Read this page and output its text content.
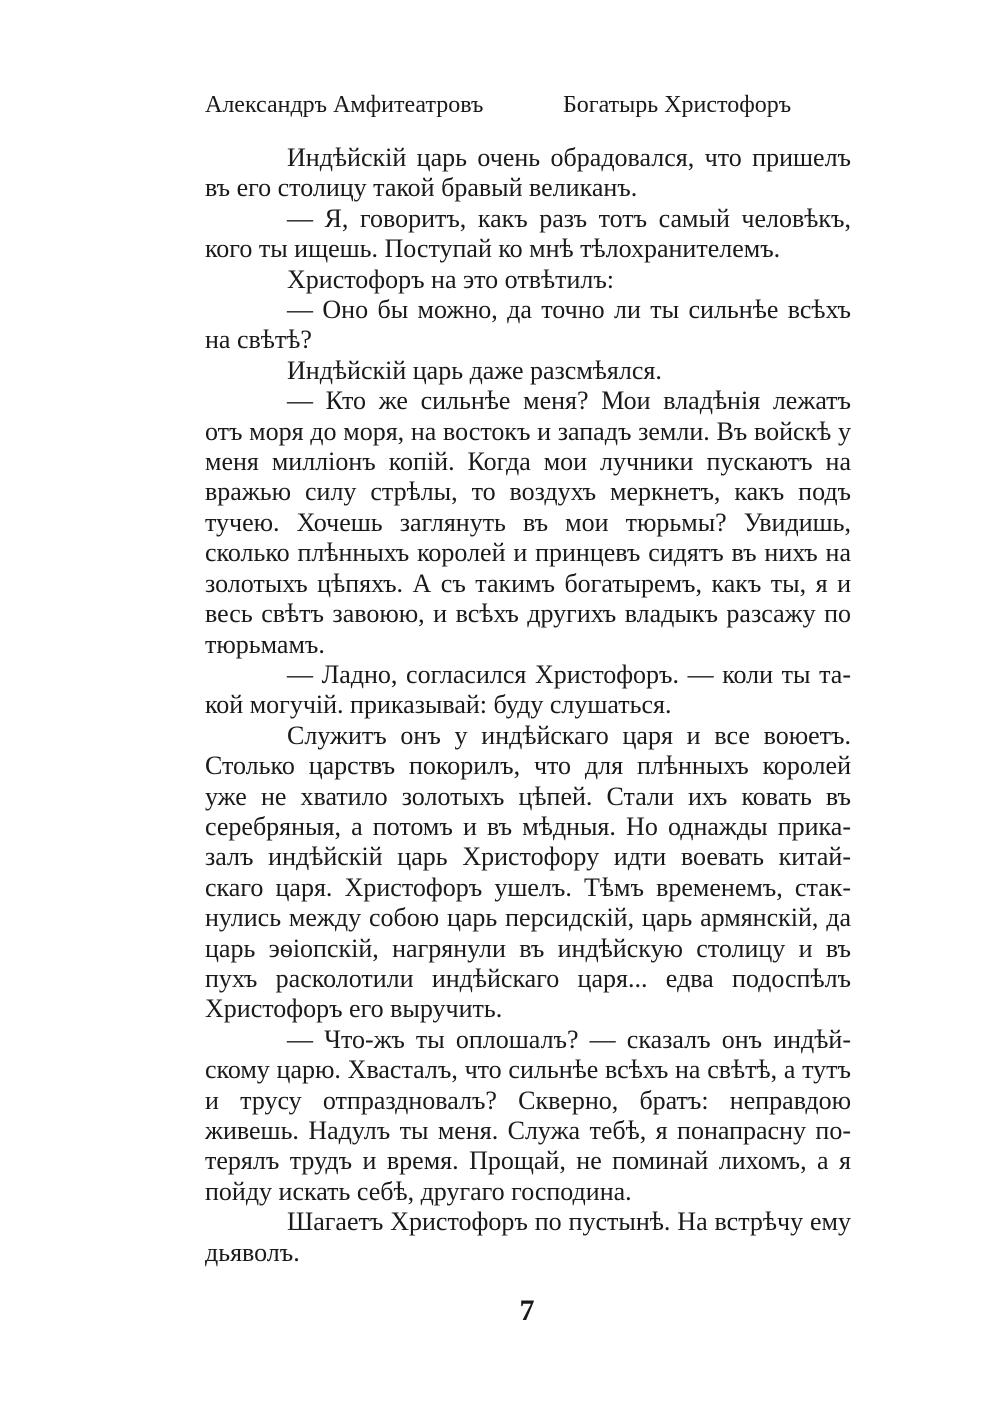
Александръ Амфитеатровъ	Богатырь Христофоръ

Индѣйскій царь очень обрадовался, что пришелъ въ его столицу такой бравый великанъ.

— Я, говоритъ, какъ разъ тотъ самый человѣкъ, кого ты ищешь. Поступай ко мнѣ тѣлохранителемъ.

Христофоръ на это отвѣтилъ:

— Оно бы можно, да точно ли ты сильнѣе всѣхъ на свѣтѣ?

Индѣйскій царь даже разсмѣялся.

— Кто же сильнѣе меня? Мои владѣнія лежатъ отъ моря до моря, на востокъ и западъ земли. Въ войскѣ у меня милліонъ копій. Когда мои лучники пускаютъ на вражью силу стрѣлы, то воздухъ меркнетъ, какъ подъ тучею. Хочешь заглянуть въ мои тюрьмы? Увидишь, сколько плѣнныхъ королей и принцевъ сидятъ въ нихъ на золотыхъ цѣпяхъ. А съ такимъ богатыремъ, какъ ты, я и весь свѣтъ завоюю, и всѣхъ другихъ владыкъ разсажу по тюрьмамъ.

— Ладно, согласился Христофоръ. — коли ты такой могучій. приказывай: буду слушаться.

Служитъ онъ у индѣйскаго царя и все воюетъ. Столько царствъ покорилъ, что для плѣнныхъ королей уже не хватило золотыхъ цѣпей. Стали ихъ ковать въ серебряныя, а потомъ и въ мѣдныя. Но однажды приказалъ индѣйскій царь Христофору идти воевать китайскаго царя. Христофоръ ушелъ. Тѣмъ временемъ, стакнулись между собою царь персидскій, царь армянскій, да царь эѳіопскій, нагрянули въ индѣйскую столицу и въ пухъ расколотили индѣйскаго царя... едва подоспѣлъ Христофоръ его выручить.

— Что-жъ ты оплошалъ? — сказалъ онъ индѣйскому царю. Хвасталъ, что сильнѣе всѣхъ на свѣтѣ, а тутъ и трусу отпраздновалъ? Скверно, братъ: неправдою живешь. Надулъ ты меня. Служа тебѣ, я понапрасну потерялъ трудъ и время. Прощай, не поминай лихомъ, а я пойду искать себѣ, другаго господина.

Шагаетъ Христофоръ по пустынѣ. На встрѣчу ему дьяволъ.

7
